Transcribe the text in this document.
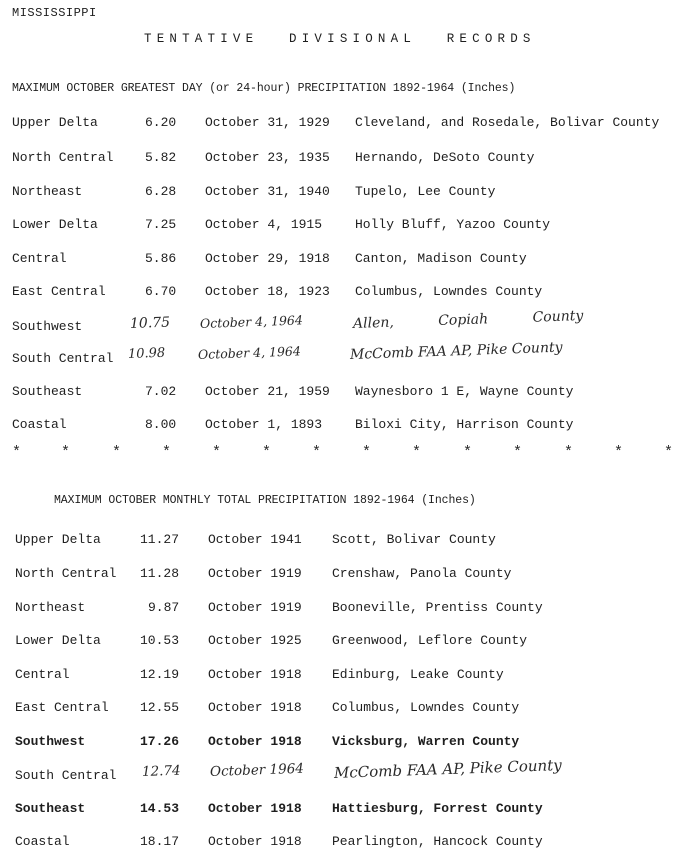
MISSISSIPPI
TENTATIVE DIVISIONAL RECORDS
MAXIMUM OCTOBER GREATEST DAY (or 24-hour) PRECIPITATION 1892-1964 (Inches)
Upper Delta	6.20 October 31, 1929 Cleveland, and Rosedale, Bolivar County
North Central 5.82 October 23, 1935 Hernando, DeSoto County
Northeast	6.28 October 31, 1940 Tupelo, Lee County
Lower Delta	7.25 October 4, 1915	Holly Bluff, Yazoo County
Central	5.86 October 29, 1918 Canton, Madison County
East Central	6.70 October 18, 1923 Columbus, Lowndes County
Southwest	10.75 October 4, 1964	Allen, Copiah County
South Central 10.98	October 4, 1964	McComb FAA AP, Pike County
Southeast	7.02 October 21, 1959 Waynesboro 1 E, Wayne County
Coastal	8.00 October 1, 1893	Biloxi City, Harrison County
*	*	*	*	*	*	*	*	*	*	*	*	*	*
MAXIMUM OCTOBER MONTHLY TOTAL PRECIPITATION 1892-1964 (Inches)
Upper Delta	11.27 October 1941 Scott, Bolivar County
North Central 11.28 October 1919 Crenshaw, Panola County
Northeast	9.87 October 1919 Booneville, Prentiss County
Lower Delta	10.53 October 1925 Greenwood, Leflore County
Central	12.19 October 1918 Edinburg, Leake County
East Central 12.55 October 1918 Columbus, Lowndes County
Southwest	17.26 October 1918 Vicksburg, Warren County
South Central 12.74 October 1964 McComb FAA AP, Pike County
Southeast	14.53 October 1918 Hattiesburg, Forrest County
Coastal	18.17 October 1918 Pearlington, Hancock County
